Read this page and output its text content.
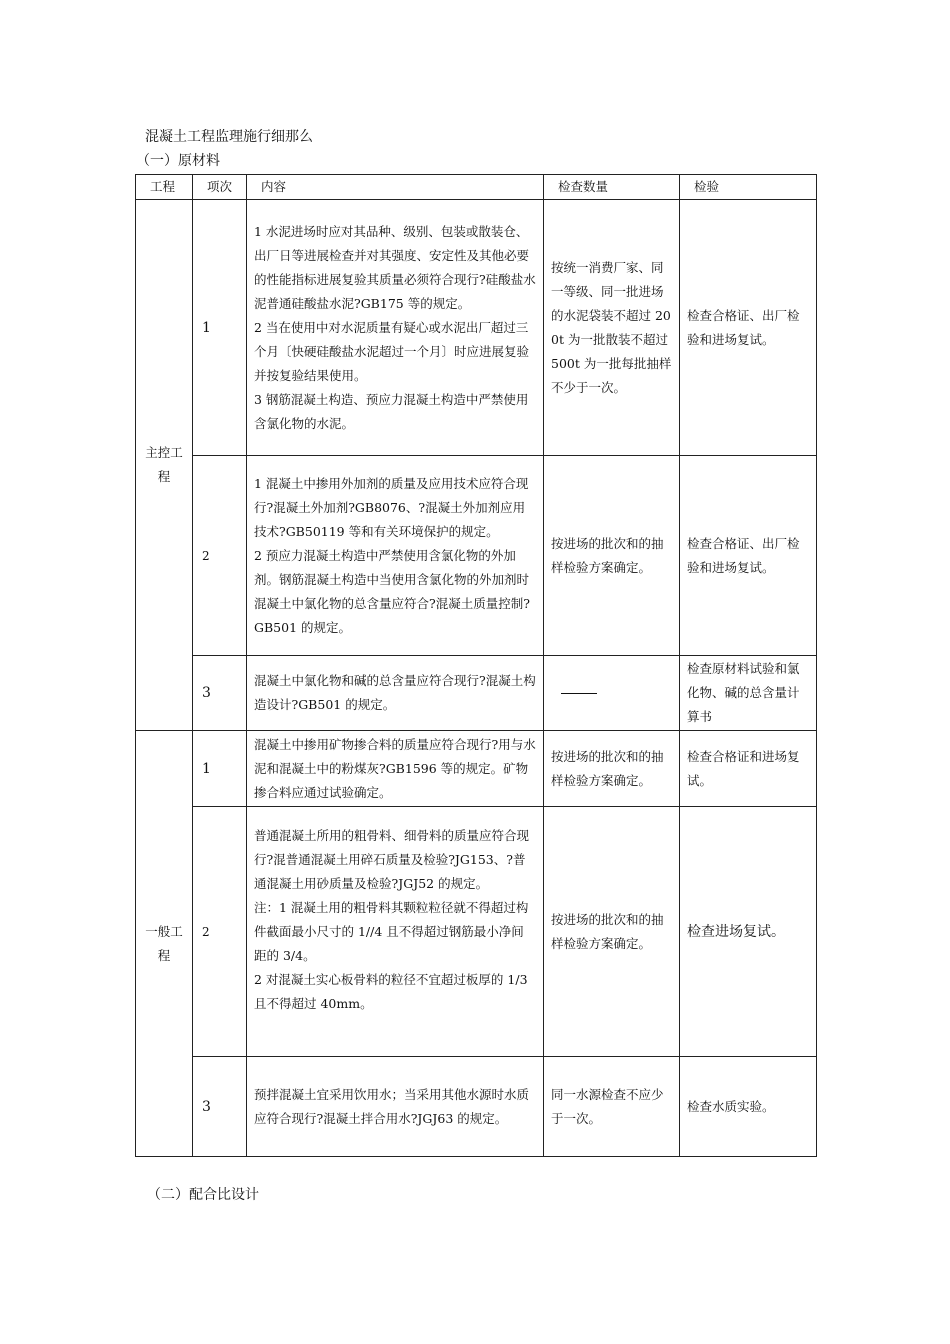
混凝土工程监理施行细那么
（一）原材料
工程	项次	内容	检查数量	检验
主控工程	1	1 水泥进场时应对其品种、级别、包装或散装仓、出厂日等进展检查并对其强度、安定性及其他必要的性能指标进展复验其质量必须符合现行?硅酸盐水泥普通硅酸盐水泥?GB175 等的规定。
2 当在使用中对水泥质量有疑心或水泥出厂超过三个月〔快硬硅酸盐水泥超过一个月〕时应进展复验并按复验结果使用。
3 钢筋混凝土构造、预应力混凝土构造中严禁使用含氯化物的水泥。	按统一消费厂家、同一等级、同一批进场的水泥袋装不超过 200t 为一批散装不超过 500t 为一批每批抽样不少于一次。	检查合格证、出厂检验和进场复试。
	2	1 混凝土中掺用外加剂的质量及应用技术应符合现行?混凝土外加剂?GB8076、?混凝土外加剂应用技术?GB50119 等和有关环境保护的规定。
2 预应力混凝土构造中严禁使用含氯化物的外加剂。钢筋混凝土构造中当使用含氯化物的外加剂时混凝土中氯化物的总含量应符合?混凝土质量控制?GB501 的规定。	按进场的批次和的抽样检验方案确定。	检查合格证、出厂检验和进场复试。
	3	混凝土中氯化物和碱的总含量应符合现行?混凝土构造设计?GB501 的规定。		检查原材料试验和氯化物、碱的总含量计算书
一般工程	1	混凝土中掺用矿物掺合料的质量应符合现行?用与水泥和混凝土中的粉煤灰?GB1596 等的规定。矿物掺合料应通过试验确定。	按进场的批次和的抽样检验方案确定。	检查合格证和进场复试。
	2	普通混凝土所用的粗骨料、细骨料的质量应符合现行?混普通混凝土用碎石质量及检验?JG153、?普通混凝土用砂质量及检验?JGJ52 的规定。
注：1 混凝土用的粗骨料其颗粒粒径就不得超过构件截面最小尺寸的 1//4 且不得超过钢筋最小净间距的 3/4。
2 对混凝土实心板骨料的粒径不宜超过板厚的 1/3 且不得超过 40mm。	按进场的批次和的抽样检验方案确定。	检查进场复试。
	3	预拌混凝土宜采用饮用水；当采用其他水源时水质应符合现行?混凝土拌合用水?JGJ63 的规定。	同一水源检查不应少于一次。	检查水质实验。
（二）配合比设计
